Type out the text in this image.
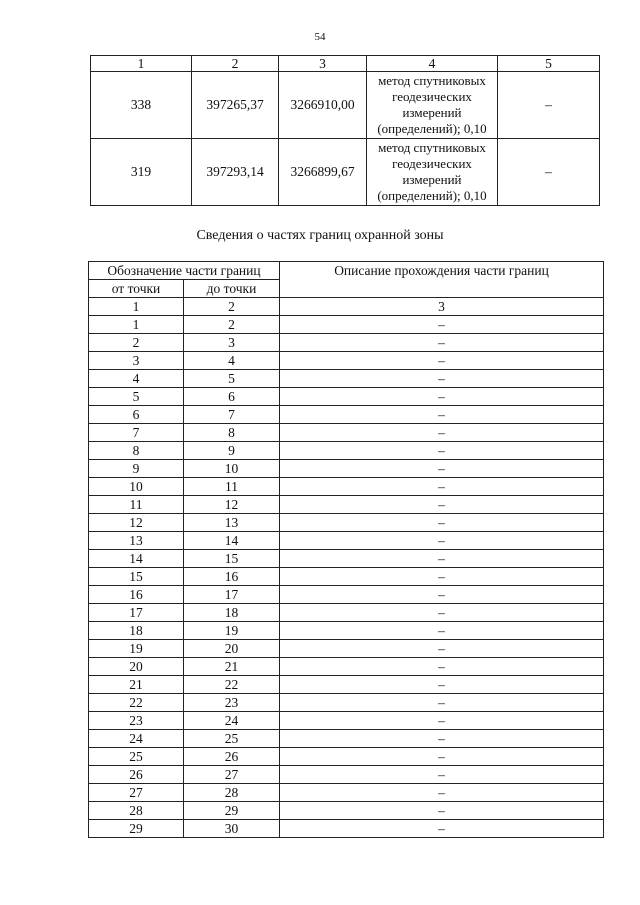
54
1	2	3	4	5
338	397265,37	3266910,00	метод спутниковых
геодезических
измерений
(определений); 0,10	–
319	397293,14	3266899,67	метод спутниковых
геодезических
измерений
(определений); 0,10	–
Сведения о частях границ охранной зоны
Обозначение части границ		Описание прохождения части границ
от точки	до точки	
1	2	3
1	2	–
2	3	–
3	4	–
4	5	–
5	6	–
6	7	–
7	8	–
8	9	–
9	10	–
10	11	–
11	12	–
12	13	–
13	14	–
14	15	–
15	16	–
16	17	–
17	18	–
18	19	–
19	20	–
20	21	–
21	22	–
22	23	–
23	24	–
24	25	–
25	26	–
26	27	–
27	28	–
28	29	–
29	30	–
